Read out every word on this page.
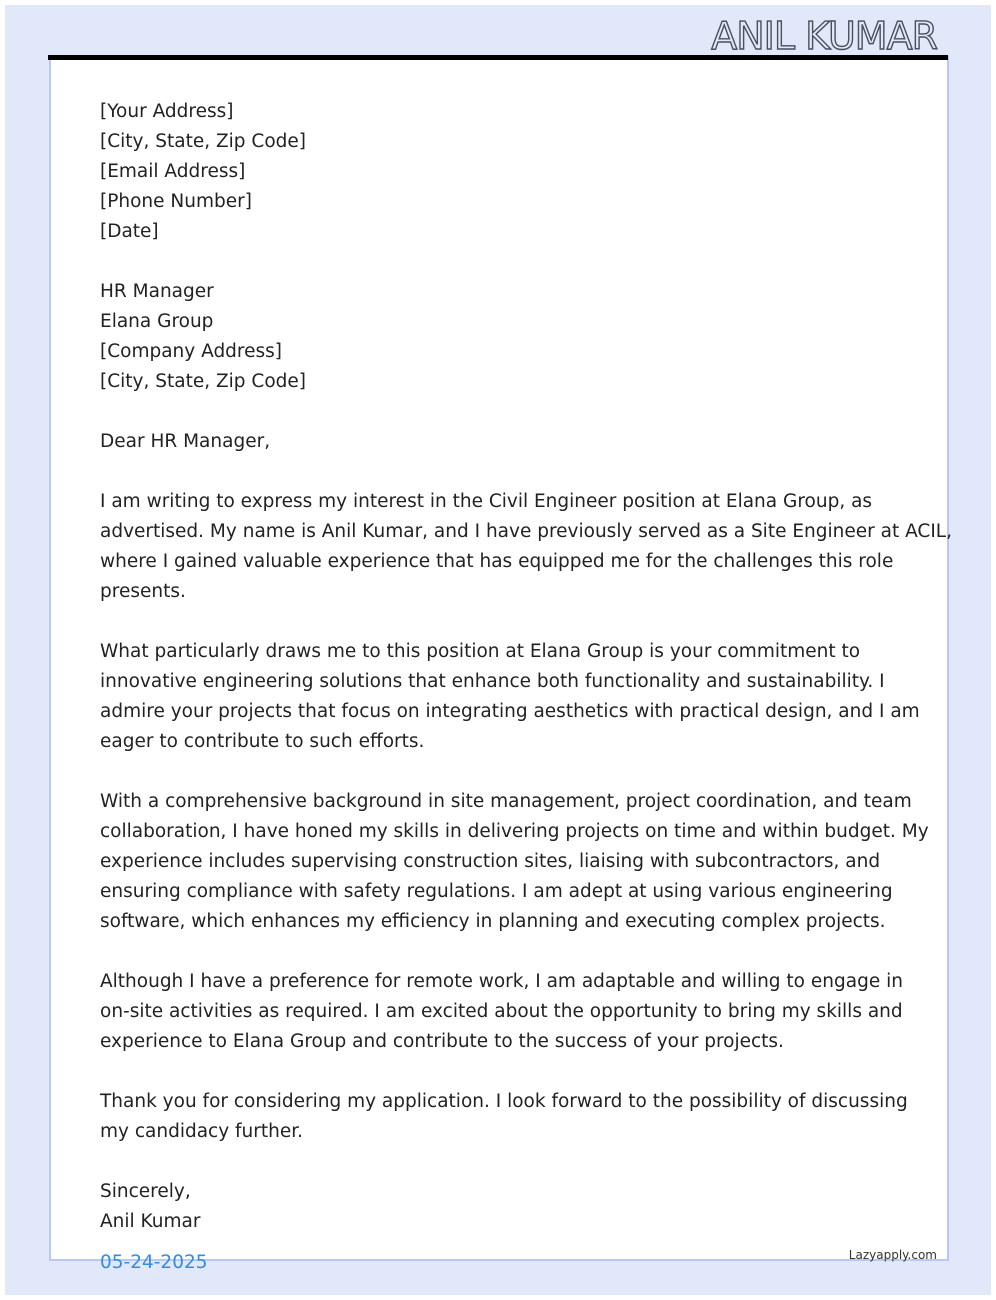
ANIL KUMAR
[Your Address]
[City, State, Zip Code]
[Email Address]
[Phone Number]
[Date]
HR Manager
Elana Group
[Company Address]
[City, State, Zip Code]
Dear HR Manager,
I am writing to express my interest in the Civil Engineer position at Elana Group, as
advertised. My name is Anil Kumar, and I have previously served as a Site Engineer at ACIL,
where I gained valuable experience that has equipped me for the challenges this role
presents.
What particularly draws me to this position at Elana Group is your commitment to
innovative engineering solutions that enhance both functionality and sustainability. I
admire your projects that focus on integrating aesthetics with practical design, and I am
eager to contribute to such efforts.
With a comprehensive background in site management, project coordination, and team
collaboration, I have honed my skills in delivering projects on time and within budget. My
experience includes supervising construction sites, liaising with subcontractors, and
ensuring compliance with safety regulations. I am adept at using various engineering
software, which enhances my efficiency in planning and executing complex projects.
Although I have a preference for remote work, I am adaptable and willing to engage in
on-site activities as required. I am excited about the opportunity to bring my skills and
experience to Elana Group and contribute to the success of your projects.
Thank you for considering my application. I look forward to the possibility of discussing
my candidacy further.
Sincerely,
Anil Kumar
05-24-2025	Lazyapply.com
